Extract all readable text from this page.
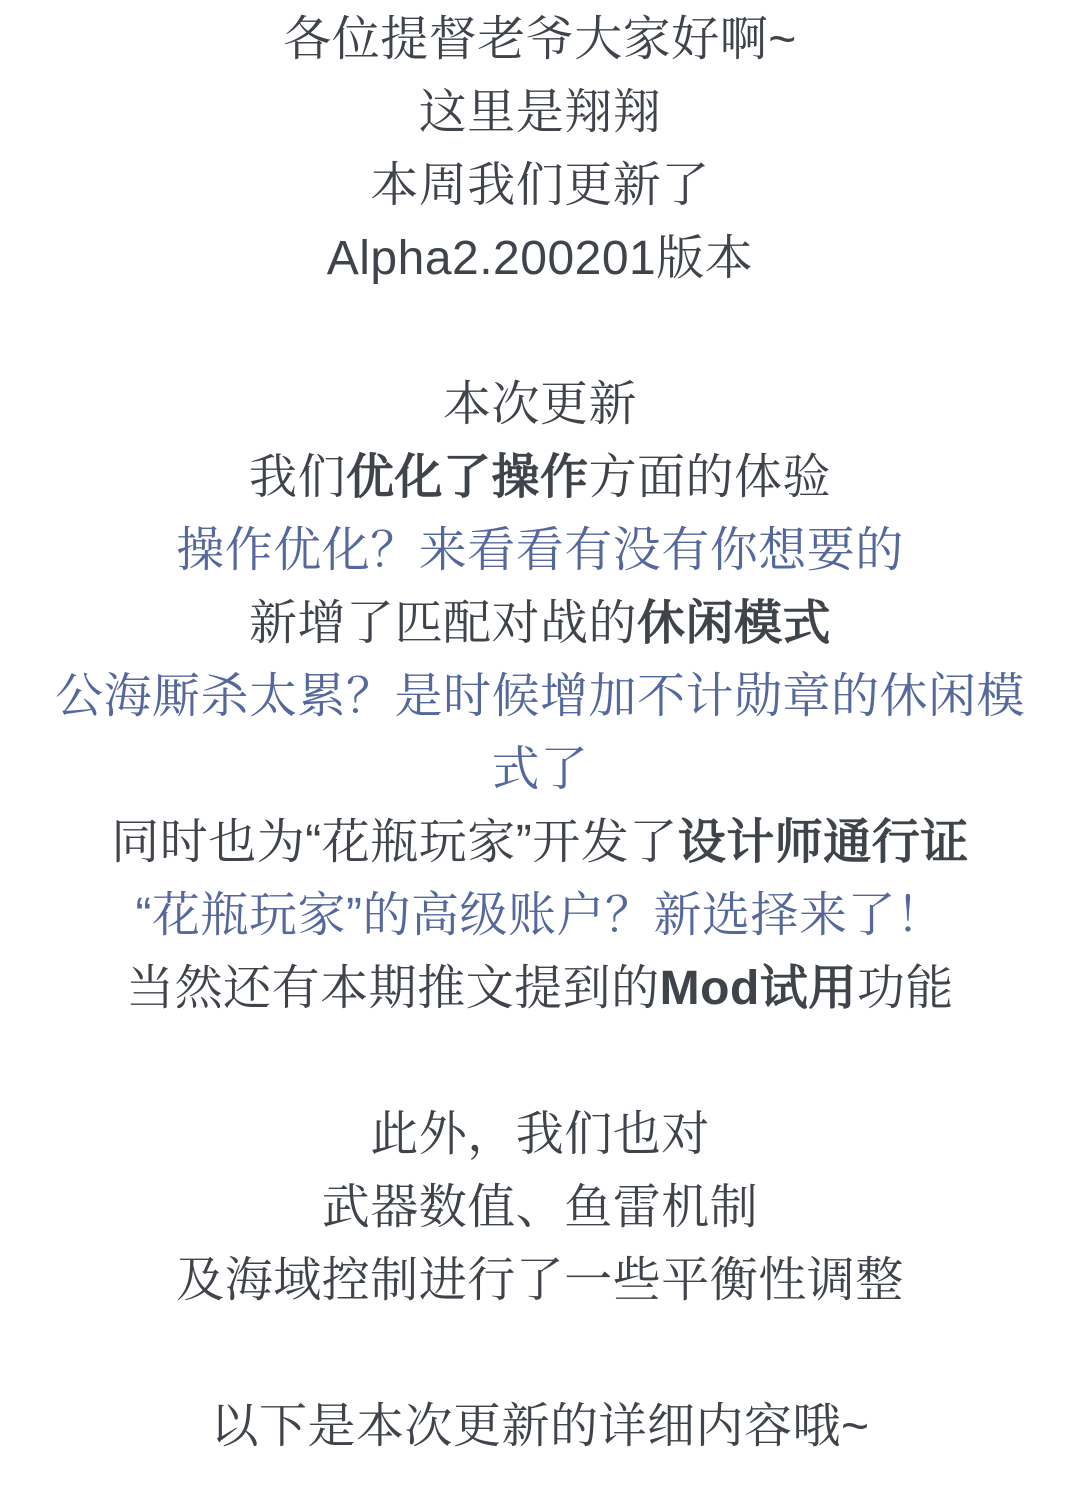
各位提督老爷大家好啊~
这里是翔翔
本周我们更新了
Alpha2.200201版本
本次更新
我们优化了操作方面的体验
操作优化？来看看有没有你想要的
新增了匹配对战的休闲模式
公海厮杀太累？是时候增加不计勋章的休闲模
式了
同时也为“花瓶玩家”开发了设计师通行证
“花瓶玩家”的高级账户？新选择来了！
当然还有本期推文提到的Mod试用功能
此外，我们也对
武器数值、鱼雷机制
及海域控制进行了一些平衡性调整
以下是本次更新的详细内容哦~
